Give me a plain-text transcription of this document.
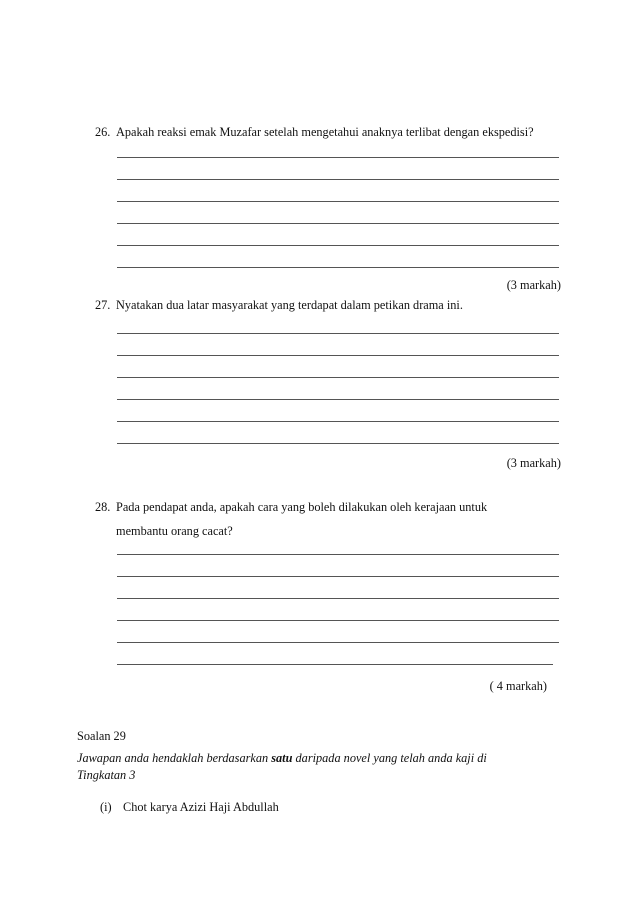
26. Apakah reaksi emak Muzafar setelah mengetahui anaknya terlibat dengan ekspedisi?
(3 markah)
27. Nyatakan dua latar masyarakat yang terdapat dalam petikan drama ini.
(3 markah)
28. Pada pendapat anda, apakah cara yang boleh dilakukan oleh kerajaan untuk
membantu orang cacat?
( 4 markah)
Soalan 29
Jawapan anda hendaklah berdasarkan satu daripada novel yang telah anda kaji di
Tingkatan 3
(i) Chot karya Azizi Haji Abdullah
